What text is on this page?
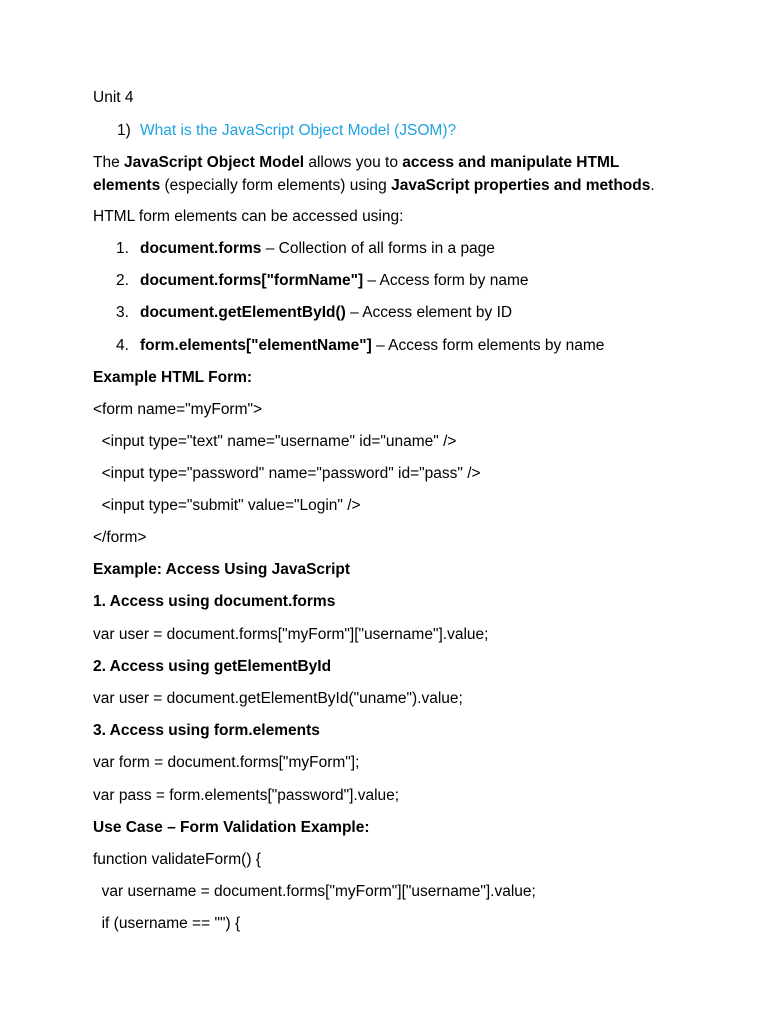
Unit 4
1) What is the JavaScript Object Model (JSOM)?
The JavaScript Object Model allows you to access and manipulate HTML
elements (especially form elements) using JavaScript properties and methods.
HTML form elements can be accessed using:
1. document.forms – Collection of all forms in a page
2. document.forms["formName"] – Access form by name
3. document.getElementById() – Access element by ID
4. form.elements["elementName"] – Access form elements by name
Example HTML Form:
<form name="myForm">
<input type="text" name="username" id="uname" />
<input type="password" name="password" id="pass" />
<input type="submit" value="Login" />
</form>
Example: Access Using JavaScript
1. Access using document.forms
var user = document.forms["myForm"]["username"].value;
2. Access using getElementById
var user = document.getElementById("uname").value;
3. Access using form.elements
var form = document.forms["myForm"];
var pass = form.elements["password"].value;
Use Case – Form Validation Example:
function validateForm() {
var username = document.forms["myForm"]["username"].value;
if (username == "") {
